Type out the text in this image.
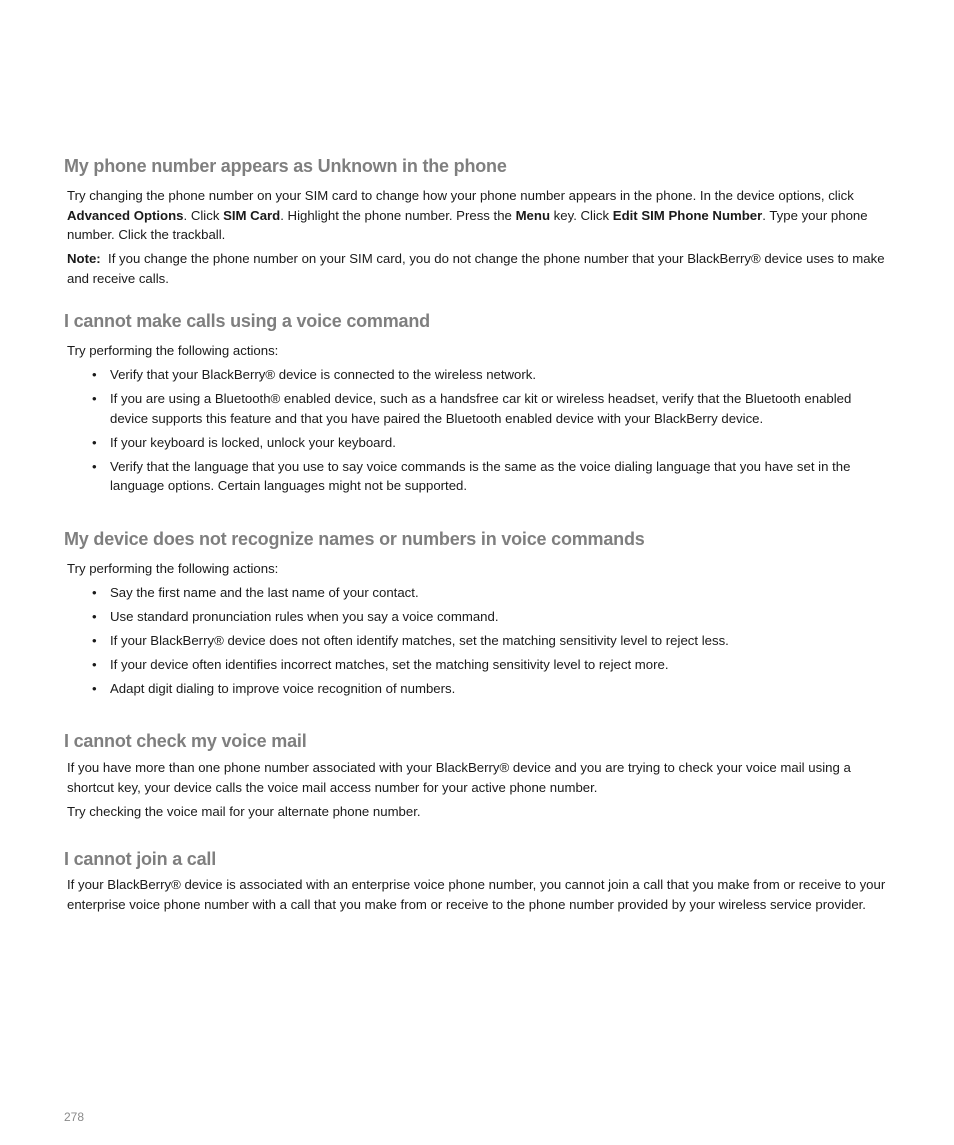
My phone number appears as Unknown in the phone

Try changing the phone number on your SIM card to change how your phone number appears in the phone. In the device options, click Advanced Options. Click SIM Card. Highlight the phone number. Press the Menu key. Click Edit SIM Phone Number. Type your phone number. Click the trackball.

Note: If you change the phone number on your SIM card, you do not change the phone number that your BlackBerry® device uses to make and receive calls.

I cannot make calls using a voice command

Try performing the following actions:

• Verify that your BlackBerry® device is connected to the wireless network.
• If you are using a Bluetooth® enabled device, such as a handsfree car kit or wireless headset, verify that the Bluetooth enabled device supports this feature and that you have paired the Bluetooth enabled device with your BlackBerry device.
• If your keyboard is locked, unlock your keyboard.
• Verify that the language that you use to say voice commands is the same as the voice dialing language that you have set in the language options. Certain languages might not be supported.
My device does not recognize names or numbers in voice commands

Try performing the following actions:

• Say the first name and the last name of your contact.
• Use standard pronunciation rules when you say a voice command.
• If your BlackBerry® device does not often identify matches, set the matching sensitivity level to reject less.
• If your device often identifies incorrect matches, set the matching sensitivity level to reject more.
• Adapt digit dialing to improve voice recognition of numbers.
I cannot check my voice mail

If you have more than one phone number associated with your BlackBerry® device and you are trying to check your voice mail using a shortcut key, your device calls the voice mail access number for your active phone number.

Try checking the voice mail for your alternate phone number.

I cannot join a call

If your BlackBerry® device is associated with an enterprise voice phone number, you cannot join a call that you make from or receive to your enterprise voice phone number with a call that you make from or receive to the phone number provided by your wireless service provider.

278
